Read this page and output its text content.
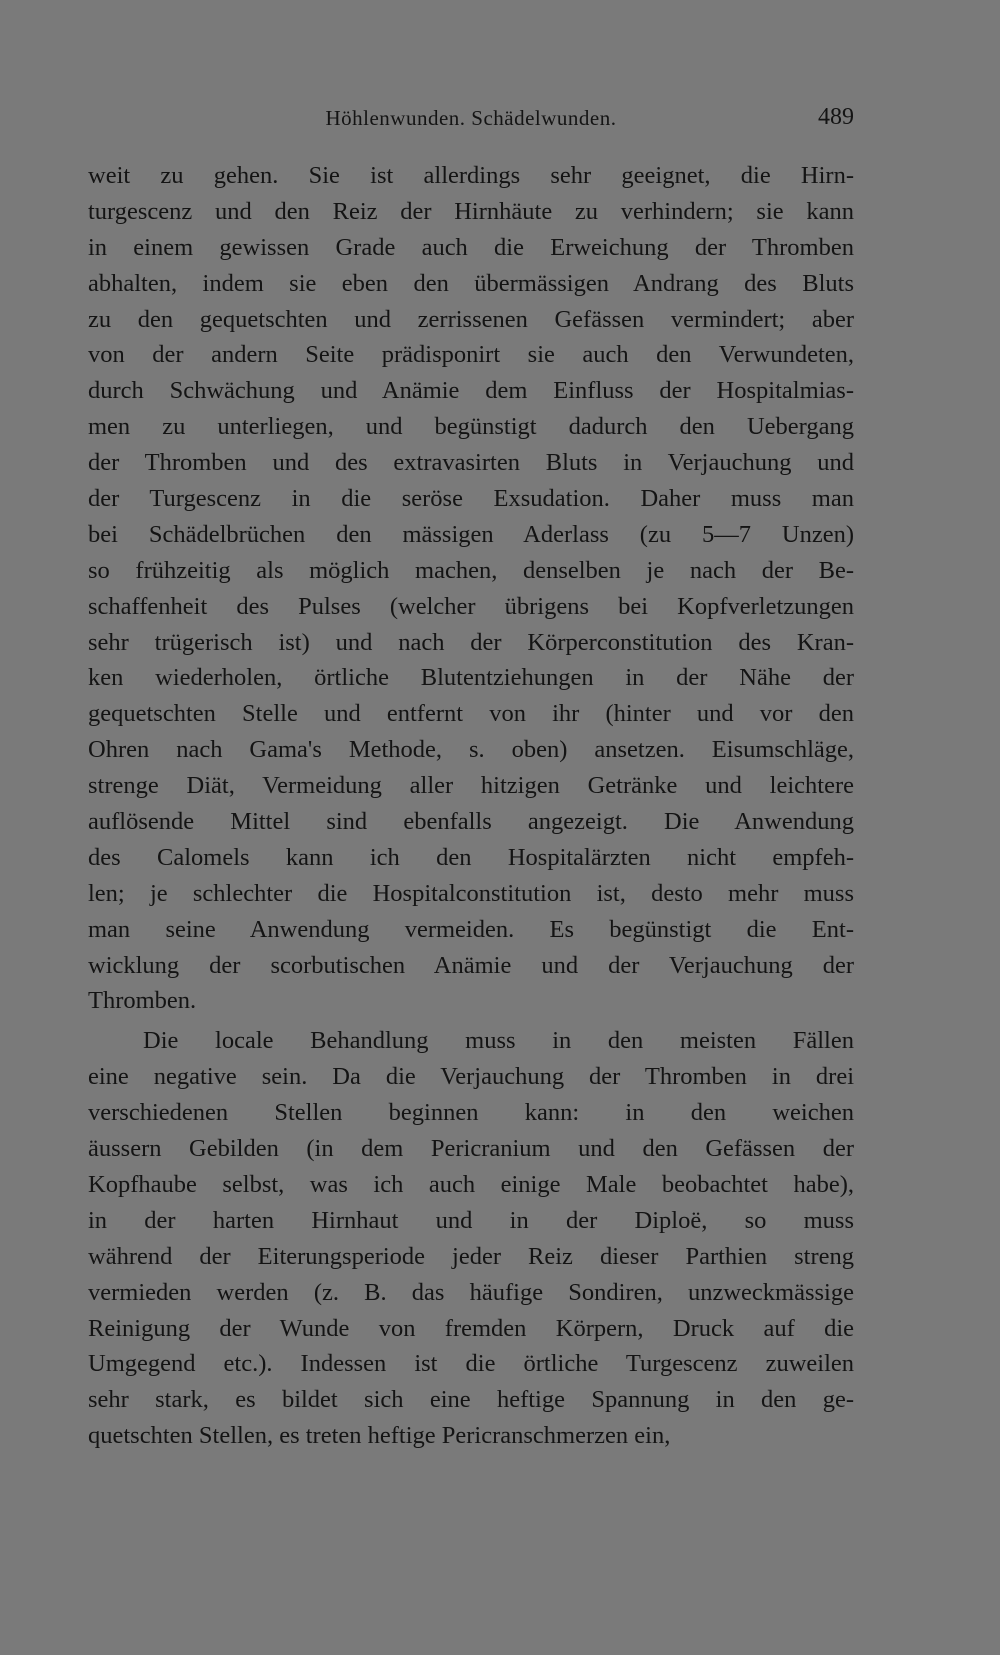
Höhlenwunden. Schädelwunden.	489
weit zu gehen. Sie ist allerdings sehr geeignet, die Hirn-
turgescenz und den Reiz der Hirnhäute zu verhindern; sie kann
in einem gewissen Grade auch die Erweichung der Thromben
abhalten, indem sie eben den übermässigen Andrang des Bluts
zu den gequetschten und zerrissenen Gefässen vermindert; aber
von der andern Seite prädisponirt sie auch den Verwundeten,
durch Schwächung und Anämie dem Einfluss der Hospitalmias-
men zu unterliegen, und begünstigt dadurch den Uebergang
der Thromben und des extravasirten Bluts in Verjauchung und
der Turgescenz in die seröse Exsudation. Daher muss man
bei Schädelbrüchen den mässigen Aderlass (zu 5—7 Unzen)
so frühzeitig als möglich machen, denselben je nach der Be-
schaffenheit des Pulses (welcher übrigens bei Kopfverletzungen
sehr trügerisch ist) und nach der Körperconstitution des Kran-
ken wiederholen, örtliche Blutentziehungen in der Nähe der
gequetschten Stelle und entfernt von ihr (hinter und vor den
Ohren nach Gama's Methode, s. oben) ansetzen. Eisumschläge,
strenge Diät, Vermeidung aller hitzigen Getränke und leichtere
auflösende Mittel sind ebenfalls angezeigt. Die Anwendung
des Calomels kann ich den Hospitalärzten nicht empfeh-
len; je schlechter die Hospitalconstitution ist, desto mehr muss
man seine Anwendung vermeiden. Es begünstigt die Ent-
wicklung der scorbutischen Anämie und der Verjauchung der
Thromben.
Die locale Behandlung muss in den meisten Fällen
eine negative sein. Da die Verjauchung der Thromben in drei
verschiedenen Stellen beginnen kann: in den weichen
äussern Gebilden (in dem Pericranium und den Gefässen der
Kopfhaube selbst, was ich auch einige Male beobachtet habe),
in der harten Hirnhaut und in der Diploë, so muss
während der Eiterungsperiode jeder Reiz dieser Parthien streng
vermieden werden (z. B. das häufige Sondiren, unzweckmässige
Reinigung der Wunde von fremden Körpern, Druck auf die
Umgegend etc.). Indessen ist die örtliche Turgescenz zuweilen
sehr stark, es bildet sich eine heftige Spannung in den ge-
quetschten Stellen, es treten heftige Pericranschmerzen ein,
